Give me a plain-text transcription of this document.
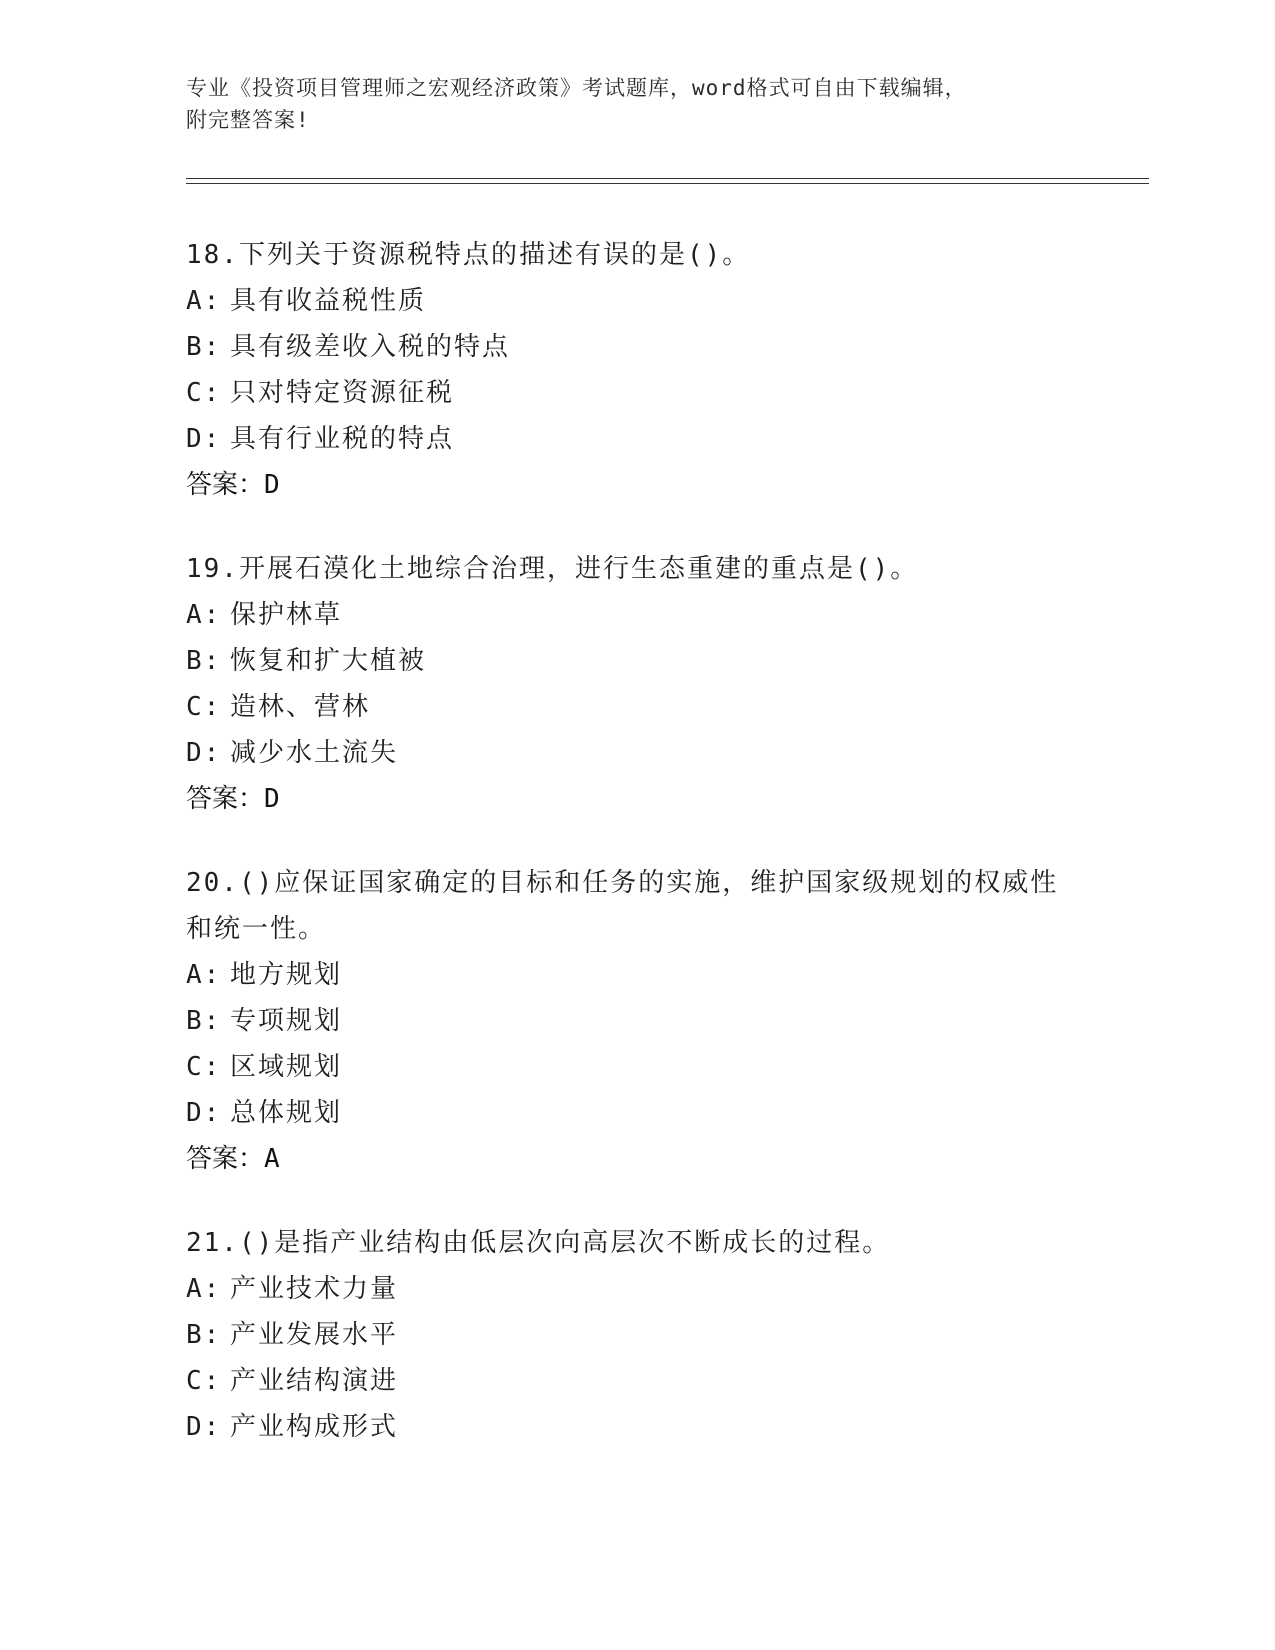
专业《投资项目管理师之宏观经济政策》考试题库，word格式可自由下载编辑，
附完整答案!

18.下列关于资源税特点的描述有误的是()。

A: 具有收益税性质

B: 具有级差收入税的特点

C: 只对特定资源征税

D: 具有行业税的特点

答案：D

19.开展石漠化土地综合治理，进行生态重建的重点是()。

A: 保护林草

B: 恢复和扩大植被

C: 造林、营林

D: 减少水土流失

答案：D

20.()应保证国家确定的目标和任务的实施，维护国家级规划的权威性

和统一性。

A: 地方规划

B: 专项规划

C: 区域规划

D: 总体规划

答案：A

21.()是指产业结构由低层次向高层次不断成长的过程。

A: 产业技术力量

B: 产业发展水平

C: 产业结构演进

D: 产业构成形式
